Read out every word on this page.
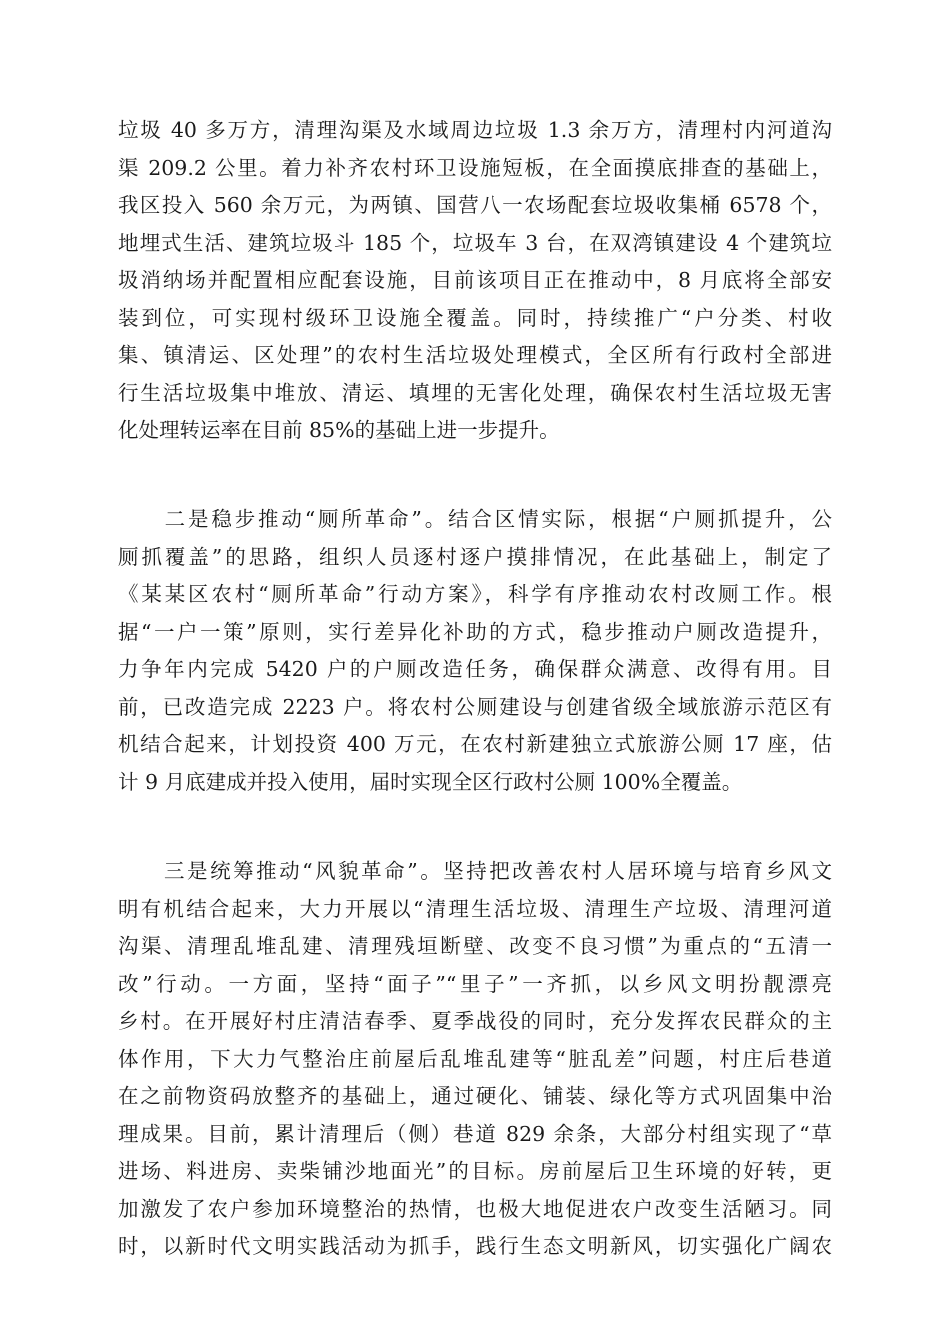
垃圾 40 多万方，清理沟渠及水域周边垃圾 1.3 余万方，清理村内河道沟
渠 209.2 公里。着力补齐农村环卫设施短板，在全面摸底排查的基础上，
我区投入 560 余万元，为两镇、国营八一农场配套垃圾收集桶 6578 个，
地埋式生活、建筑垃圾斗 185 个，垃圾车 3 台，在双湾镇建设 4 个建筑垃
圾消纳场并配置相应配套设施，目前该项目正在推动中，8 月底将全部安
装到位，可实现村级环卫设施全覆盖。同时，持续推广“户分类、村收
集、镇清运、区处理”的农村生活垃圾处理模式，全区所有行政村全部进
行生活垃圾集中堆放、清运、填埋的无害化处理，确保农村生活垃圾无害
化处理转运率在目前 85%的基础上进一步提升。
　　二是稳步推动“厕所革命”。结合区情实际，根据“户厕抓提升，公
厕抓覆盖”的思路，组织人员逐村逐户摸排情况，在此基础上，制定了
《某某区农村“厕所革命”行动方案》，科学有序推动农村改厕工作。根
据“一户一策”原则，实行差异化补助的方式，稳步推动户厕改造提升，
力争年内完成 5420 户的户厕改造任务，确保群众满意、改得有用。目
前，已改造完成 2223 户。将农村公厕建设与创建省级全域旅游示范区有
机结合起来，计划投资 400 万元，在农村新建独立式旅游公厕 17 座，估
计 9 月底建成并投入使用，届时实现全区行政村公厕 100%全覆盖。
　　三是统筹推动“风貌革命”。坚持把改善农村人居环境与培育乡风文
明有机结合起来，大力开展以“清理生活垃圾、清理生产垃圾、清理河道
沟渠、清理乱堆乱建、清理残垣断壁、改变不良习惯”为重点的“五清一
改”行动。一方面，坚持“面子”“里子”一齐抓，以乡风文明扮靓漂亮
乡村。在开展好村庄清洁春季、夏季战役的同时，充分发挥农民群众的主
体作用，下大力气整治庄前屋后乱堆乱建等“脏乱差”问题，村庄后巷道
在之前物资码放整齐的基础上，通过硬化、铺装、绿化等方式巩固集中治
理成果。目前，累计清理后（侧）巷道 829 余条，大部分村组实现了“草
进场、料进房、卖柴铺沙地面光”的目标。房前屋后卫生环境的好转，更
加激发了农户参加环境整治的热情，也极大地促进农户改变生活陋习。同
时，以新时代文明实践活动为抓手，践行生态文明新风，切实强化广阔农
